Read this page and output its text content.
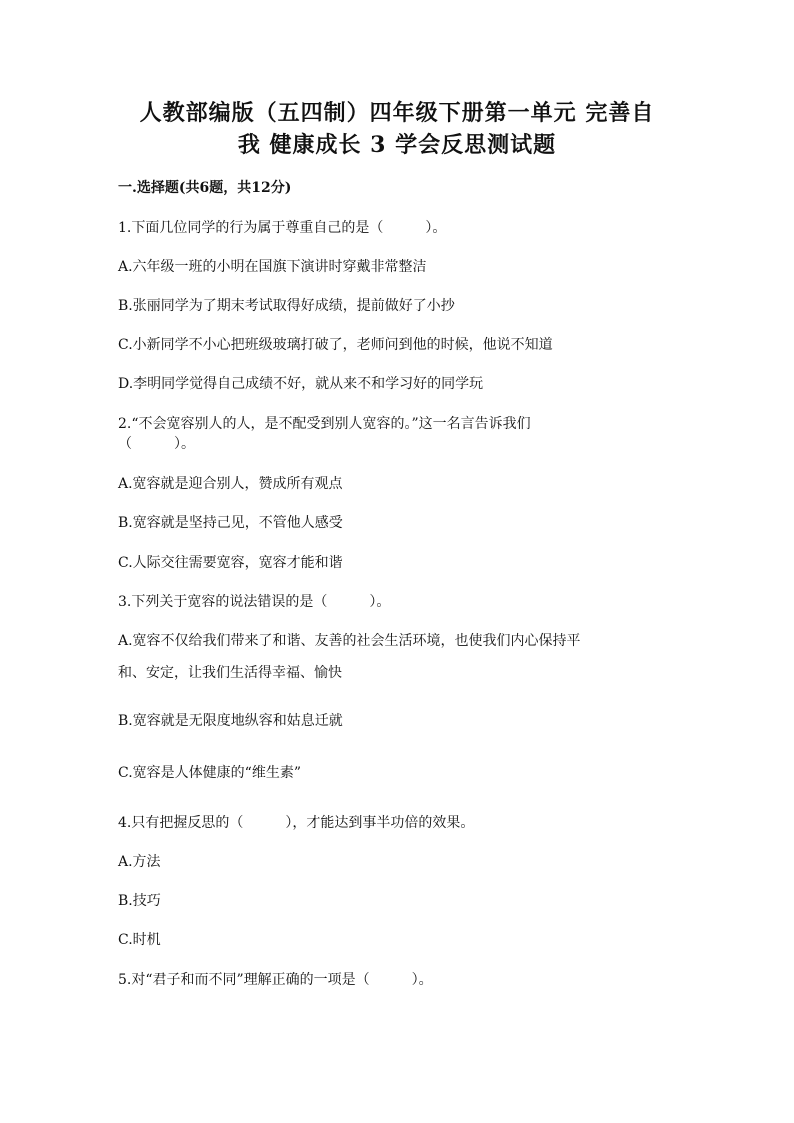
人教部编版（五四制）四年级下册第一单元 完善自
我 健康成长 3 学会反思测试题
一.选择题(共6题，共12分)
1.下面几位同学的行为属于尊重自己的是（　　　）。
A.六年级一班的小明在国旗下演讲时穿戴非常整洁
B.张丽同学为了期末考试取得好成绩，提前做好了小抄
C.小新同学不小心把班级玻璃打破了，老师问到他的时候，他说不知道
D.李明同学觉得自己成绩不好，就从来不和学习好的同学玩
2.“不会宽容别人的人，是不配受到别人宽容的。”这一名言告诉我们
（　　　）。
A.宽容就是迎合别人，赞成所有观点
B.宽容就是坚持己见，不管他人感受
C.人际交往需要宽容，宽容才能和谐
3.下列关于宽容的说法错误的是（　　　）。
A.宽容不仅给我们带来了和谐、友善的社会生活环境，也使我们内心保持平
和、安定，让我们生活得幸福、愉快
B.宽容就是无限度地纵容和姑息迁就
C.宽容是人体健康的“维生素”
4.只有把握反思的（　　　），才能达到事半功倍的效果。
A.方法
B.技巧
C.时机
5.对“君子和而不同”理解正确的一项是（　　　）。
